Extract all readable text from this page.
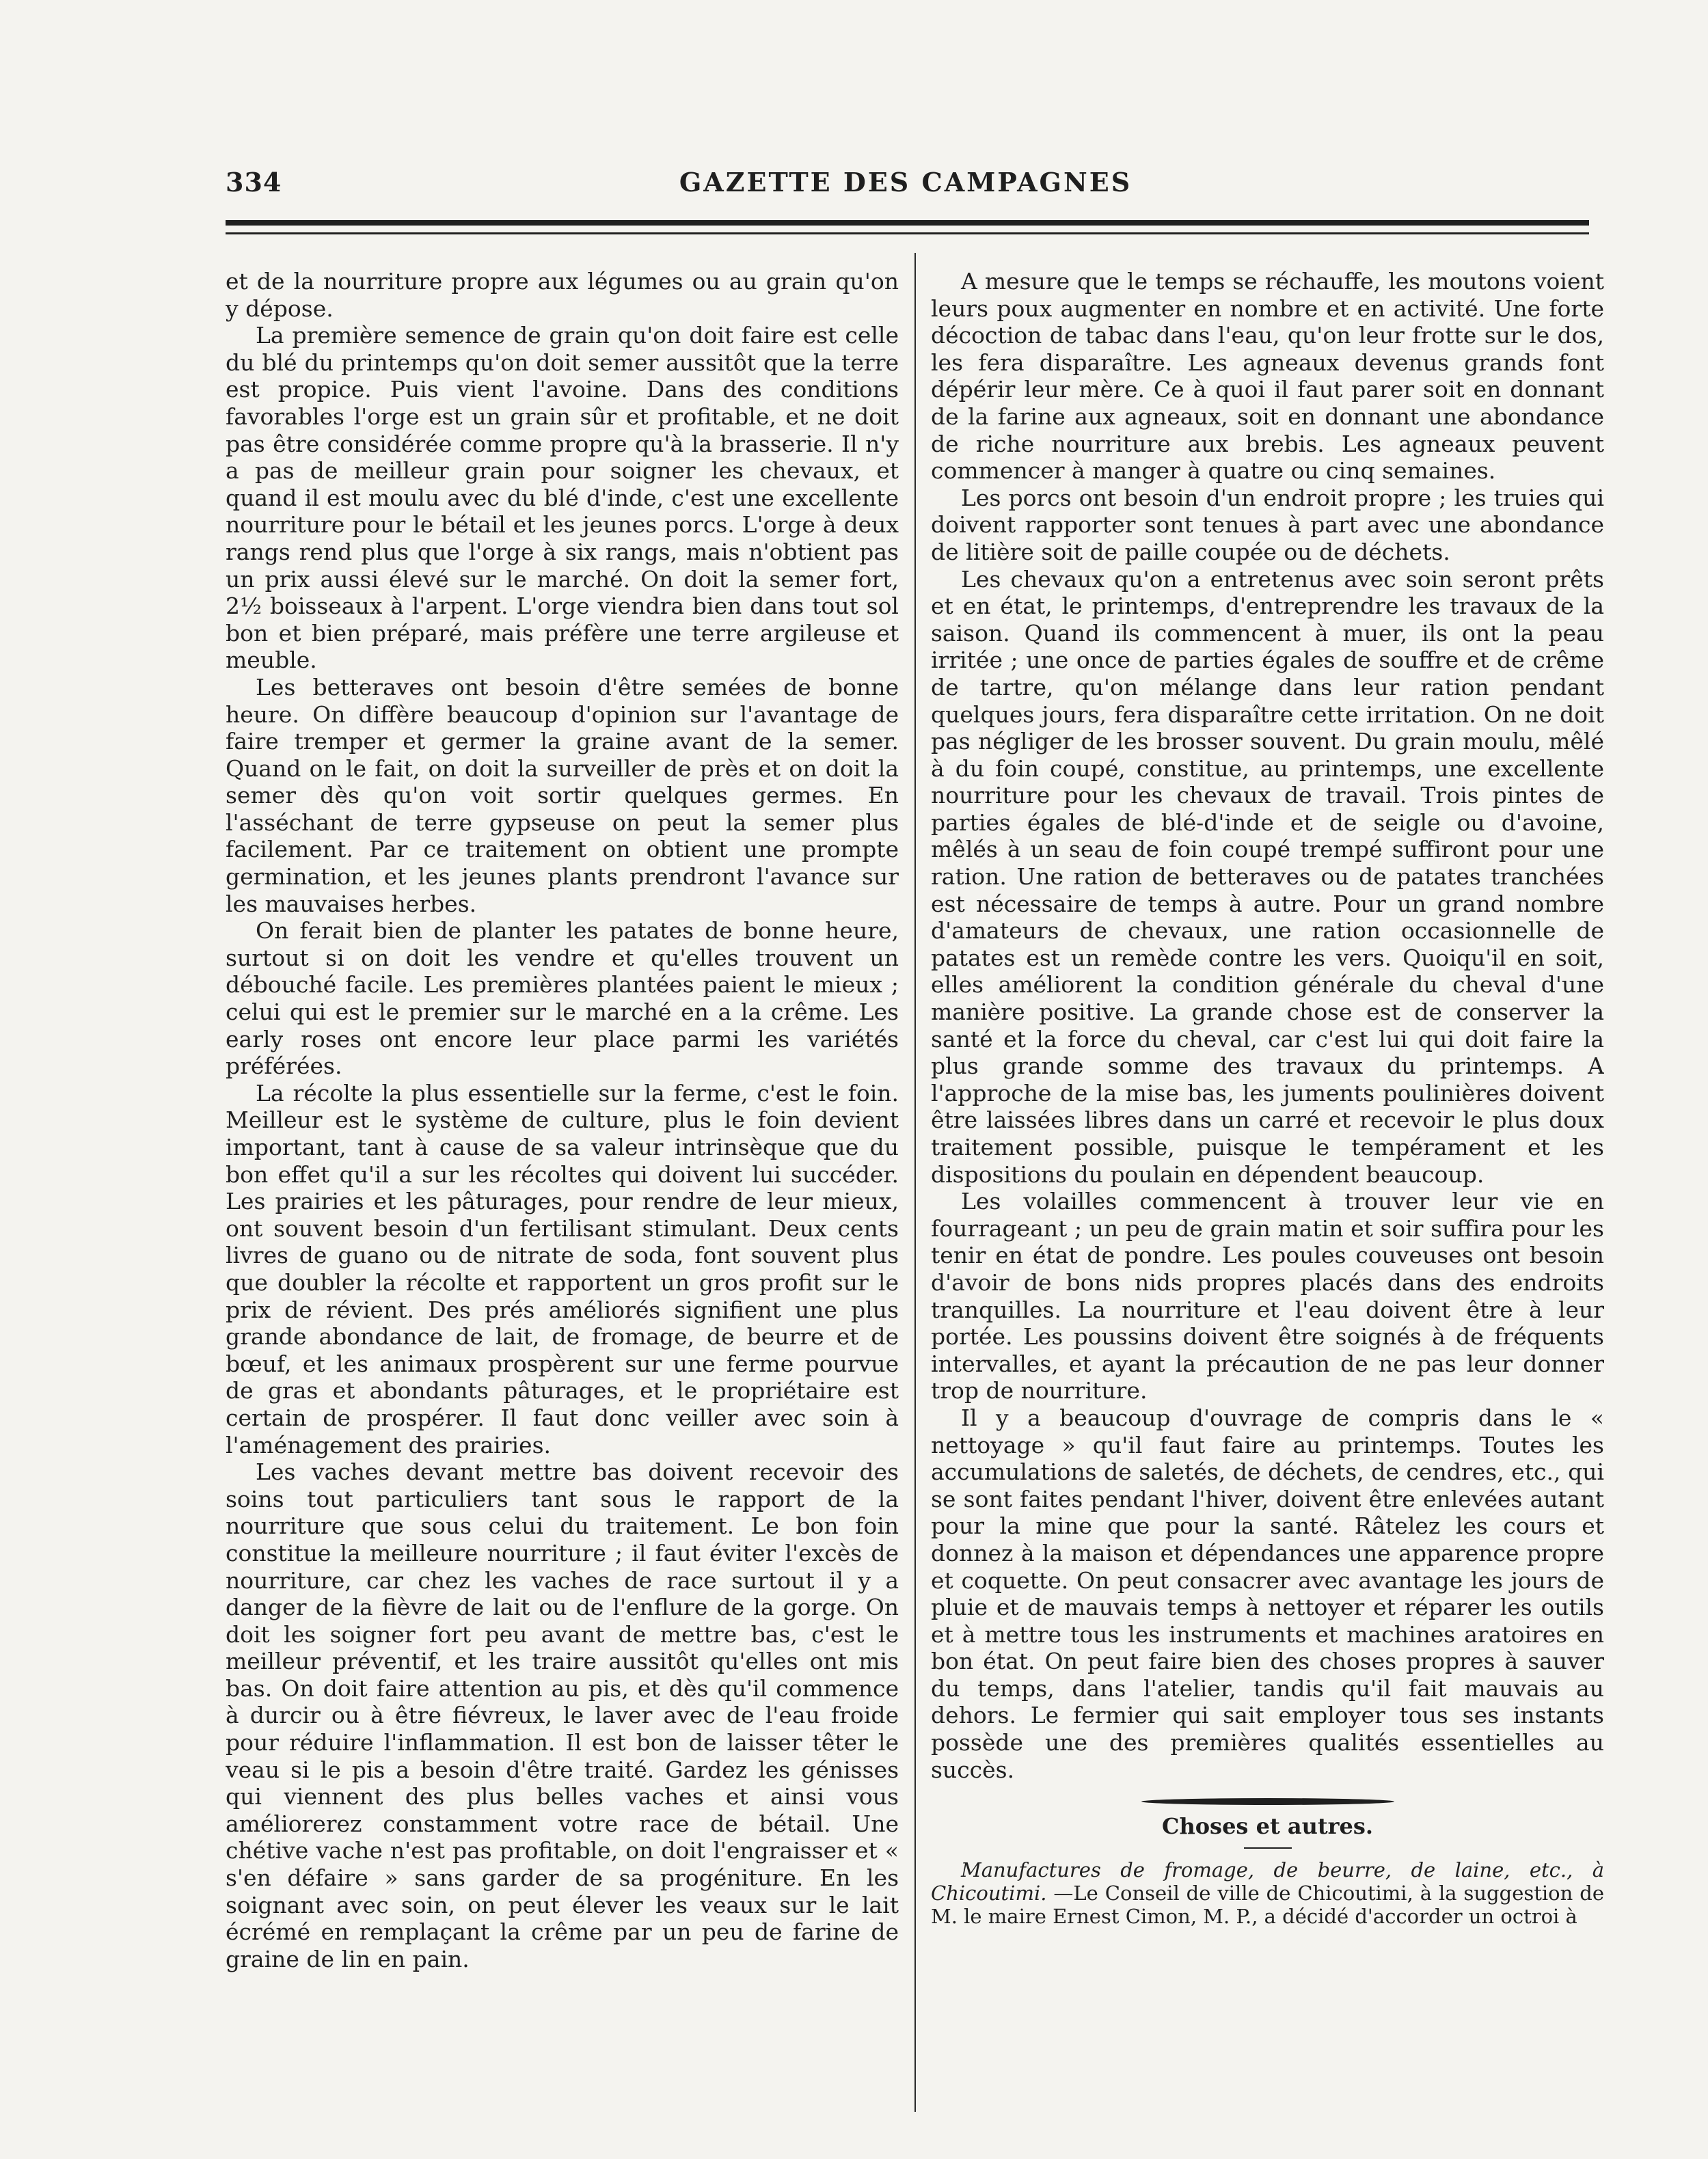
334	GAZETTE DES CAMPAGNES

et de la nourriture propre aux légumes ou au grain qu'on y dépose.

La première semence de grain qu'on doit faire est celle du blé du printemps qu'on doit semer aussitôt que la terre est propice. Puis vient l'avoine. Dans des conditions favorables l'orge est un grain sûr et profitable, et ne doit pas être considérée comme propre qu'à la brasserie. Il n'y a pas de meilleur grain pour soigner les chevaux, et quand il est moulu avec du blé d'inde, c'est une excellente nourriture pour le bétail et les jeunes porcs. L'orge à deux rangs rend plus que l'orge à six rangs, mais n'obtient pas un prix aussi élevé sur le marché. On doit la semer fort, 2½ boisseaux à l'arpent. L'orge viendra bien dans tout sol bon et bien préparé, mais préfère une terre argileuse et meuble.

Les betteraves ont besoin d'être semées de bonne heure. On diffère beaucoup d'opinion sur l'avantage de faire tremper et germer la graine avant de la semer. Quand on le fait, on doit la surveiller de près et on doit la semer dès qu'on voit sortir quelques germes. En l'asséchant de terre gypseuse on peut la semer plus facilement. Par ce traitement on obtient une prompte germination, et les jeunes plants prendront l'avance sur les mauvaises herbes.

On ferait bien de planter les patates de bonne heure, surtout si on doit les vendre et qu'elles trouvent un débouché facile. Les premières plantées paient le mieux ; celui qui est le premier sur le marché en a la crême. Les early roses ont encore leur place parmi les variétés préférées.

La récolte la plus essentielle sur la ferme, c'est le foin. Meilleur est le système de culture, plus le foin devient important, tant à cause de sa valeur intrinsèque que du bon effet qu'il a sur les récoltes qui doivent lui succéder. Les prairies et les pâturages, pour rendre de leur mieux, ont souvent besoin d'un fertilisant stimulant. Deux cents livres de guano ou de nitrate de soda, font souvent plus que doubler la récolte et rapportent un gros profit sur le prix de révient. Des prés améliorés signifient une plus grande abondance de lait, de fromage, de beurre et de bœuf, et les animaux prospèrent sur une ferme pourvue de gras et abondants pâturages, et le propriétaire est certain de prospérer. Il faut donc veiller avec soin à l'aménagement des prairies.

Les vaches devant mettre bas doivent recevoir des soins tout particuliers tant sous le rapport de la nourriture que sous celui du traitement. Le bon foin constitue la meilleure nourriture ; il faut éviter l'excès de nourriture, car chez les vaches de race surtout il y a danger de la fièvre de lait ou de l'enflure de la gorge. On doit les soigner fort peu avant de mettre bas, c'est le meilleur préventif, et les traire aussitôt qu'elles ont mis bas. On doit faire attention au pis, et dès qu'il commence à durcir ou à être fiévreux, le laver avec de l'eau froide pour réduire l'inflammation. Il est bon de laisser têter le veau si le pis a besoin d'être traité. Gardez les génisses qui viennent des plus belles vaches et ainsi vous améliorerez constamment votre race de bétail. Une chétive vache n'est pas profitable, on doit l'engraisser et « s'en défaire » sans garder de sa progéniture. En les soignant avec soin, on peut élever les veaux sur le lait écrémé en remplaçant la crême par un peu de farine de graine de lin en pain.

A mesure que le temps se réchauffe, les moutons voient leurs poux augmenter en nombre et en activité. Une forte décoction de tabac dans l'eau, qu'on leur frotte sur le dos, les fera disparaître. Les agneaux devenus grands font dépérir leur mère. Ce à quoi il faut parer soit en donnant de la farine aux agneaux, soit en donnant une abondance de riche nourriture aux brebis. Les agneaux peuvent commencer à manger à quatre ou cinq semaines.

Les porcs ont besoin d'un endroit propre ; les truies qui doivent rapporter sont tenues à part avec une abondance de litière soit de paille coupée ou de déchets.

Les chevaux qu'on a entretenus avec soin seront prêts et en état, le printemps, d'entreprendre les travaux de la saison. Quand ils commencent à muer, ils ont la peau irritée ; une once de parties égales de souffre et de crême de tartre, qu'on mélange dans leur ration pendant quelques jours, fera disparaître cette irritation. On ne doit pas négliger de les brosser souvent. Du grain moulu, mêlé à du foin coupé, constitue, au printemps, une excellente nourriture pour les chevaux de travail. Trois pintes de parties égales de blé-d'inde et de seigle ou d'avoine, mêlés à un seau de foin coupé trempé suffiront pour une ration. Une ration de betteraves ou de patates tranchées est nécessaire de temps à autre. Pour un grand nombre d'amateurs de chevaux, une ration occasionnelle de patates est un remède contre les vers. Quoiqu'il en soit, elles améliorent la condition générale du cheval d'une manière positive. La grande chose est de conserver la santé et la force du cheval, car c'est lui qui doit faire la plus grande somme des travaux du printemps. A l'approche de la mise bas, les juments poulinières doivent être laissées libres dans un carré et recevoir le plus doux traitement possible, puisque le tempérament et les dispositions du poulain en dépendent beaucoup.

Les volailles commencent à trouver leur vie en fourrageant ; un peu de grain matin et soir suffira pour les tenir en état de pondre. Les poules couveuses ont besoin d'avoir de bons nids propres placés dans des endroits tranquilles. La nourriture et l'eau doivent être à leur portée. Les poussins doivent être soignés à de fréquents intervalles, et ayant la précaution de ne pas leur donner trop de nourriture.

Il y a beaucoup d'ouvrage de compris dans le « nettoyage » qu'il faut faire au printemps. Toutes les accumulations de saletés, de déchets, de cendres, etc., qui se sont faites pendant l'hiver, doivent être enlevées autant pour la mine que pour la santé. Râtelez les cours et donnez à la maison et dépendances une apparence propre et coquette. On peut consacrer avec avantage les jours de pluie et de mauvais temps à nettoyer et réparer les outils et à mettre tous les instruments et machines aratoires en bon état. On peut faire bien des choses propres à sauver du temps, dans l'atelier, tandis qu'il fait mauvais au dehors. Le fermier qui sait employer tous ses instants possède une des premières qualités essentielles au succès.

Choses et autres.

Manufactures de fromage, de beurre, de laine, etc., à Chicoutimi. —Le Conseil de ville de Chicoutimi, à la suggestion de M. le maire Ernest Cimon, M. P., a décidé d'accorder un octroi à
